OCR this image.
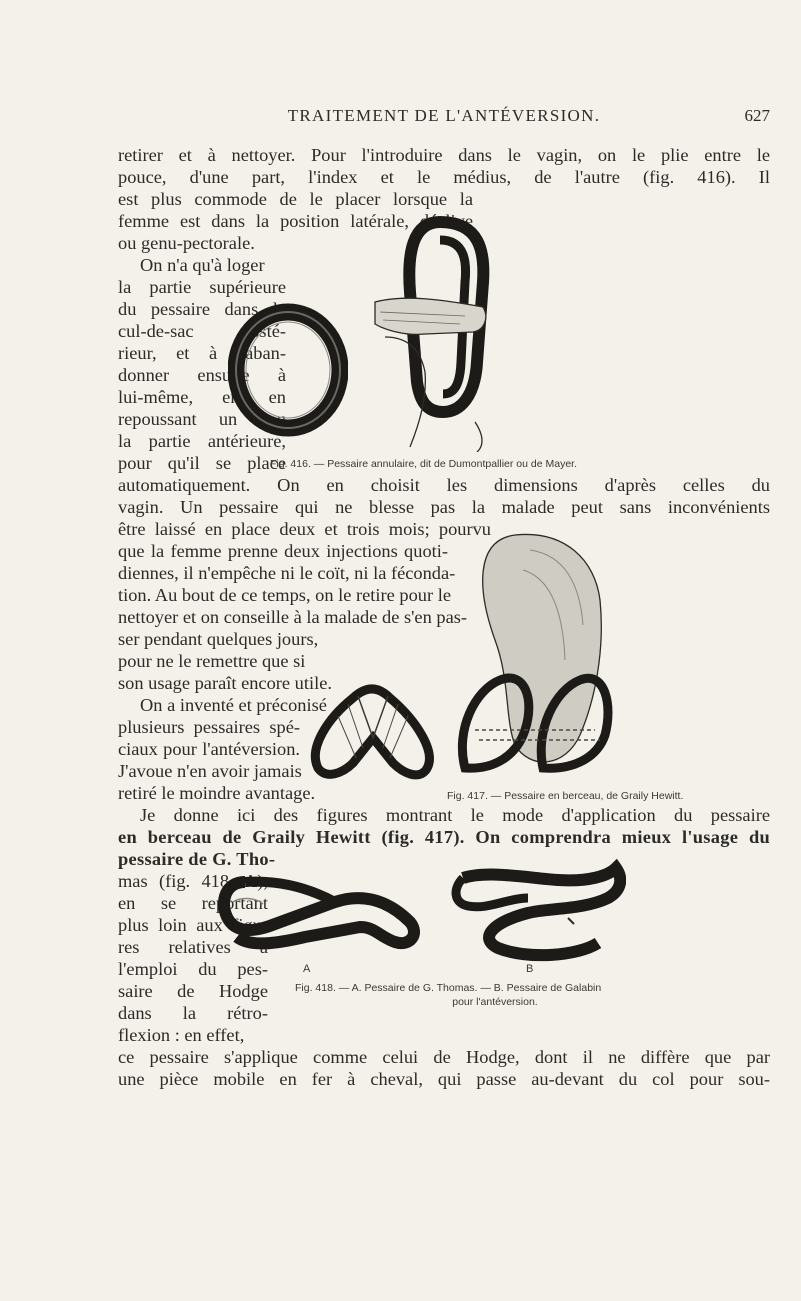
TRAITEMENT DE L'ANTÉVERSION.	627
retirer et à nettoyer. Pour l'introduire dans le vagin, on le plie entre le
pouce, d'une part, l'index et le médius, de l'autre (fig. 416). Il
est plus commode de le placer lorsque la
femme est dans la position latérale, déclive
ou genu-pectorale.
On n'a qu'à loger
la partie supérieure
du pessaire dans le
cul-de-sac posté-
rieur, et à l'aban-
donner ensuite à
lui-même, en en
repoussant un peu
la partie antérieure,
pour qu'il se place
automatiquement. On en choisit les dimensions d'après celles du
vagin. Un pessaire qui ne blesse pas la malade peut sans inconvénients
être laissé en place deux et trois mois; pourvu
que la femme prenne deux injections quoti-
diennes, il n'empêche ni le coït, ni la féconda-
tion. Au bout de ce temps, on le retire pour le
nettoyer et on conseille à la malade de s'en pas-
ser pendant quelques jours,
pour ne le remettre que si
son usage paraît encore utile.
On a inventé et préconisé
plusieurs pessaires spé-
ciaux pour l'antéversion.
J'avoue n'en avoir jamais
retiré le moindre avantage.
Je donne ici des figures montrant le mode d'application du pessaire
en berceau de Graily Hewitt (fig. 417). On comprendra mieux l'usage du
pessaire de G. Tho-
mas (fig. 418, A),
en se reportant
plus loin aux figu-
res relatives à
l'emploi du pes-
saire de Hodge
dans la rétro-
flexion : en effet,
ce pessaire s'applique comme celui de Hodge, dont il ne diffère que par
une pièce mobile en fer à cheval, qui passe au-devant du col pour sou-
Fig. 416. — Pessaire annulaire, dit de Dumontpallier ou de Mayer.
Fig. 417. — Pessaire en berceau, de Graily Hewitt.
A	B
Fig. 418. — A. Pessaire de G. Thomas. — B. Pessaire de Galabin
pour l'antéversion.
